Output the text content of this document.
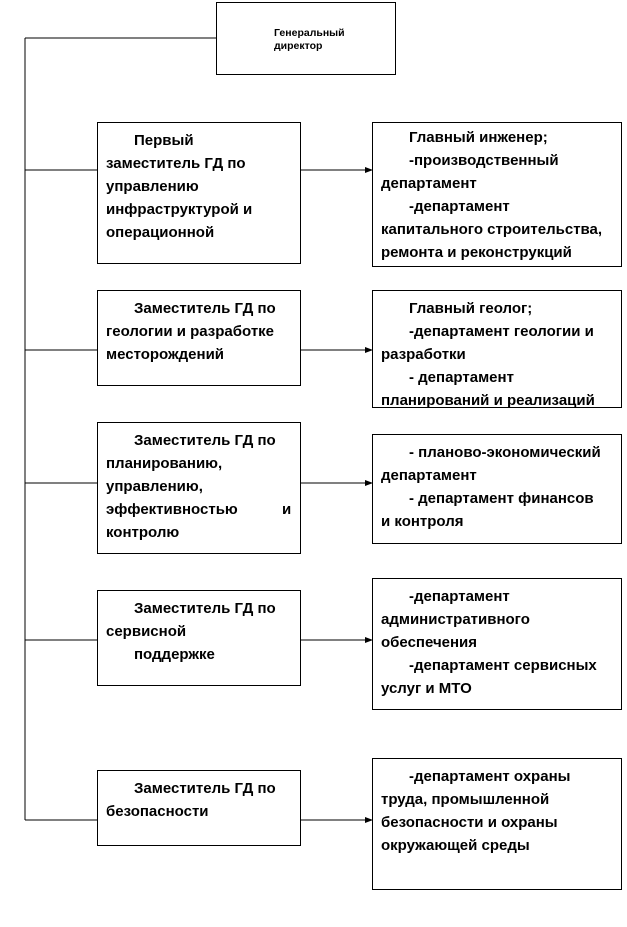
Генеральный
директор
Первый
заместитель ГД по
управлению
инфраструктурой и
операционной
Заместитель ГД по
геологии и разработке
месторождений
Заместитель ГД по
планированию,
управлению,
эффективностью	и
контролю
Заместитель ГД по
сервисной
поддержке
Заместитель ГД по
безопасности
Главный инженер;
-производственный
департамент
-департамент
капитального строительства,
ремонта и реконструкций
Главный геолог;
-департамент геологии и
разработки
- департамент
планирований и реализаций
- планово-экономический
департамент
- департамент финансов
и контроля
-департамент
административного
обеспечения
-департамент сервисных
услуг и МТО
-департамент охраны
труда, промышленной
безопасности и охраны
окружающей среды
